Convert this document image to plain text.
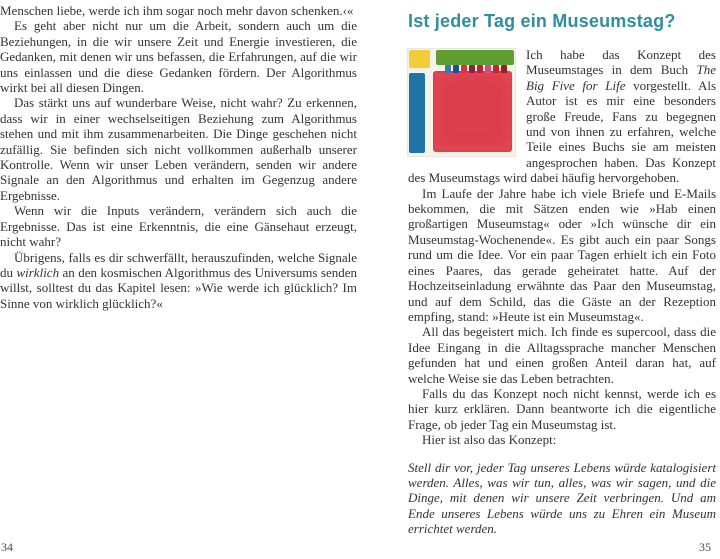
Menschen liebe, werde ich ihm sogar noch mehr davon schenken.‹«

Es geht aber nicht nur um die Arbeit, sondern auch um die Beziehungen, in die wir unsere Zeit und Energie investieren, die Gedanken, mit denen wir uns befassen, die Erfahrungen, auf die wir uns einlassen und die diese Gedanken fördern. Der Algorithmus wirkt bei all diesen Dingen.

Das stärkt uns auf wunderbare Weise, nicht wahr? Zu erkennen, dass wir in einer wechselseitigen Beziehung zum Algorithmus stehen und mit ihm zusammenarbeiten. Die Dinge geschehen nicht zufällig. Sie befinden sich nicht vollkommen außerhalb unserer Kontrolle. Wenn wir unser Leben verändern, senden wir andere Signale an den Algorithmus und erhalten im Gegenzug andere Ergebnisse.

Wenn wir die Inputs verändern, verändern sich auch die Ergebnisse. Das ist eine Erkenntnis, die eine Gänsehaut erzeugt, nicht wahr?

Übrigens, falls es dir schwerfällt, herauszufinden, welche Signale du wirklich an den kosmischen Algorithmus des Universums senden willst, solltest du das Kapitel lesen: »Wie werde ich glücklich? Im Sinne von wirklich glücklich?«

34
Ist jeder Tag ein Museumstag?

Ich habe das Konzept des Museumstages in dem Buch The Big Five for Life vorgestellt. Als Autor ist es mir eine besonders große Freude, Fans zu begegnen und von ihnen zu erfahren, welche Teile eines Buchs sie am meisten angesprochen haben. Das Konzept des Museumstags wird dabei häufig hervorgehoben.

Im Laufe der Jahre habe ich viele Briefe und E-Mails bekommen, die mit Sätzen enden wie »Hab einen großartigen Museumstag« oder »Ich wünsche dir ein Museumstag-Wochenende«. Es gibt auch ein paar Songs rund um die Idee. Vor ein paar Tagen erhielt ich ein Foto eines Paares, das gerade geheiratet hatte. Auf der Hochzeitseinladung erwähnte das Paar den Museumstag, und auf dem Schild, das die Gäste an der Rezeption empfing, stand: »Heute ist ein Museumstag«.

All das begeistert mich. Ich finde es supercool, dass die Idee Eingang in die Alltagssprache mancher Menschen gefunden hat und einen großen Anteil daran hat, auf welche Weise sie das Leben betrachten.

Falls du das Konzept noch nicht kennst, werde ich es hier kurz erklären. Dann beantworte ich die eigentliche Frage, ob jeder Tag ein Museumstag ist.

Hier ist also das Konzept:

Stell dir vor, jeder Tag unseres Lebens würde katalogisiert werden. Alles, was wir tun, alles, was wir sagen, und die Dinge, mit denen wir unsere Zeit verbringen. Und am Ende unseres Lebens würde uns zu Ehren ein Museum errichtet werden.

35
